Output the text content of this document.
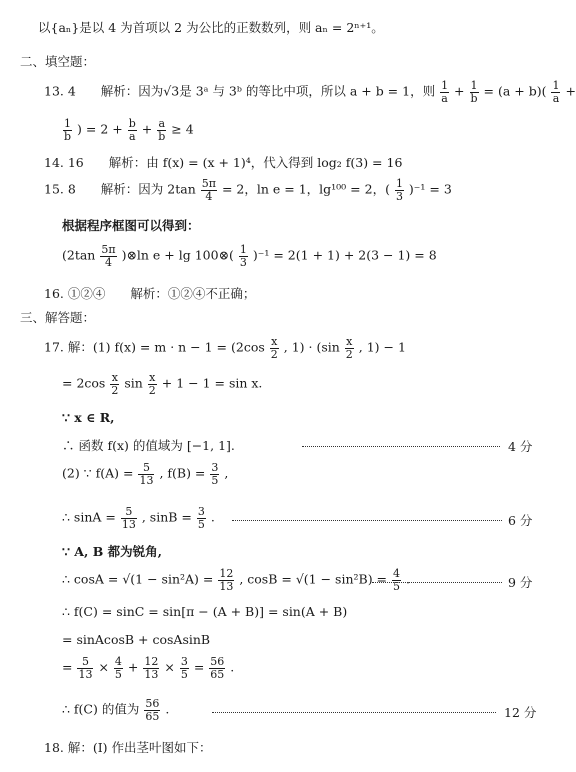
以{aₙ}是以 4 为首项以 2 为公比的正数数列，则 aₙ = 2ⁿ⁺¹。
二、填空题：
13. 4　　解析：因为√3是 3ᵃ 与 3ᵇ 的等比中项，所以 a + b = 1，则 $\frac{1}{a} + \frac{1}{b} = (a + b)( \frac{1}{a}$ +
$\frac{1}{b}$ ) = $2 + \frac{b}{a} + \frac{a}{b} \ge 4$
14. 16　　解析：由 f(x) = (x + 1)⁴，代入得到 log₂ f(3) = 16
15. 8　　解析：因为 $2\tan \frac{5\pi}{4} = 2$，ln e = 1，lg¹⁰⁰ = 2，( $\frac{1}{3} )^{-1} = 3$
根据程序框图可以得到：
($2\tan \frac{5\pi}{4}$ )⊗ln e + lg 100⊗( $\frac{1}{3} )^{-1} = 2(1 + 1) + 2(3 - 1) = 8$
16. ①②④　　解析：①②④不正确；
三、解答题：
17. 解：(1) $f(x) = m \cdot n - 1 = (2\cos \frac{x}{2}$ , $1) \cdot (\sin \frac{x}{2}$ , 1) − 1
= $2\cos \frac{x}{2}$ $\sin \frac{x}{2} + 1 - 1 = \sin x$.
∵ x ∈ R,
∴ 函数 f(x) 的值域为 [−1, 1].	4 分
(2) ∵ $f(A) = \frac{5}{13}$ , $f(B) = \frac{3}{5}$ ,
∴ $\sin A = \frac{5}{13}$ , $\sin B = \frac{3}{5}$ .	6 分
∵ A, B 都为锐角,
∴ $\cos A = √(1 - \sin^2A) = \frac{12}{13}$ , $\cos B = √(1 - \sin^2B) = \frac{4}{5}$ .	9 分
∴ f(C) = sinC = sin[π − (A + B)] = sin(A + B)
= sinAcosB + cosAsinB
= $\frac{5}{13} \times \frac{4}{5} + \frac{12}{13} \times \frac{3}{5} = \frac{56}{65}$ .
∴ f(C) 的值为 $\frac{56}{65}$ .	12 分
18. 解：(Ⅰ) 作出茎叶图如下：
